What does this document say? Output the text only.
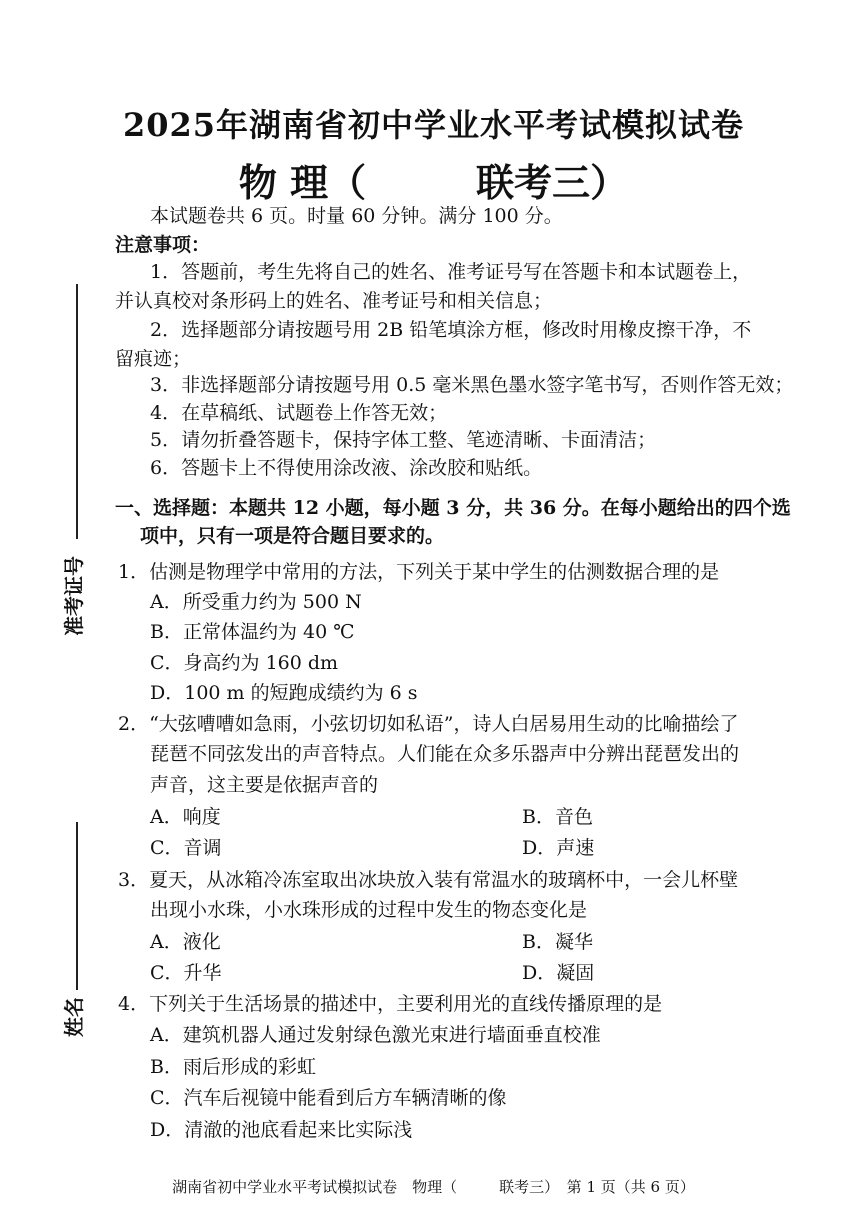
2025年湖南省初中学业水平考试模拟试卷
物 理（	联考三）
本试题卷共 6 页。时量 60 分钟。满分 100 分。
注意事项：
1．答题前，考生先将自己的姓名、准考证号写在答题卡和本试题卷上，
并认真校对条形码上的姓名、准考证号和相关信息；
2．选择题部分请按题号用 2B 铅笔填涂方框，修改时用橡皮擦干净，不
留痕迹；
3．非选择题部分请按题号用 0.5 毫米黑色墨水签字笔书写，否则作答无效；
4．在草稿纸、试题卷上作答无效；
5．请勿折叠答题卡，保持字体工整、笔迹清晰、卡面清洁；
6．答题卡上不得使用涂改液、涂改胶和贴纸。
一、选择题：本题共 12 小题，每小题 3 分，共 36 分。在每小题给出的四个选
项中，只有一项是符合题目要求的。
1．估测是物理学中常用的方法，下列关于某中学生的估测数据合理的是
A．所受重力约为 500 N
B．正常体温约为 40 ℃
C．身高约为 160 dm
D．100 m 的短跑成绩约为 6 s
2．“大弦嘈嘈如急雨，小弦切切如私语”，诗人白居易用生动的比喻描绘了
琵琶不同弦发出的声音特点。人们能在众多乐器声中分辨出琵琶发出的
声音，这主要是依据声音的
A．响度	B．音色
C．音调	D．声速
3．夏天，从冰箱冷冻室取出冰块放入装有常温水的玻璃杯中，一会儿杯壁
出现小水珠，小水珠形成的过程中发生的物态变化是
A．液化	B．凝华
C．升华	D．凝固
4．下列关于生活场景的描述中，主要利用光的直线传播原理的是
A．建筑机器人通过发射绿色激光束进行墙面垂直校准
B．雨后形成的彩虹
C．汽车后视镜中能看到后方车辆清晰的像
D．清澈的池底看起来比实际浅
准考证号
姓名
湖南省初中学业水平考试模拟试卷　物理（	联考三）　第 1 页（共 6 页）
